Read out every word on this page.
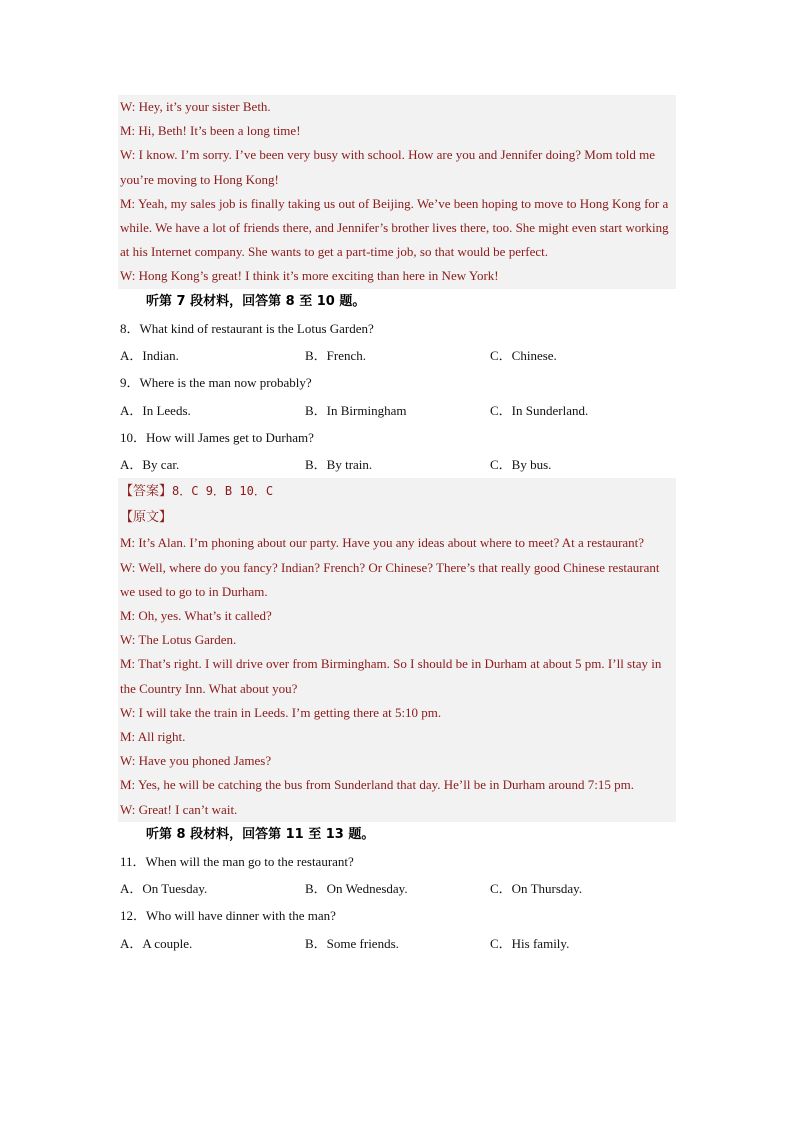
W: Hey, it’s your sister Beth.

M: Hi, Beth! It’s been a long time!

W: I know. I’m sorry. I’ve been very busy with school. How are you and Jennifer doing? Mom told me you’re moving to Hong Kong!

M: Yeah, my sales job is finally taking us out of Beijing. We’ve been hoping to move to Hong Kong for a while. We have a lot of friends there, and Jennifer’s brother lives there, too. She might even start working at his Internet company. She wants to get a part-time job, so that would be perfect.

W: Hong Kong’s great! I think it’s more exciting than here in New York!

听第 7 段材料，回答第 8 至 10 题。
8．What kind of restaurant is the Lotus Garden?
A．Indian.	B．French.	C．Chinese.
9．Where is the man now probably?
A．In Leeds.	B．In Birmingham	C．In Sunderland.
10．How will James get to Durham?
A．By car.	B．By train.	C．By bus.
【答案】8．C 9．B 10．C
【原文】

M: It’s Alan. I’m phoning about our party. Have you any ideas about where to meet? At a restaurant?

W: Well, where do you fancy? Indian? French? Or Chinese? There’s that really good Chinese restaurant we used to go to in Durham.

M: Oh, yes. What’s it called?

W: The Lotus Garden.

M: That’s right. I will drive over from Birmingham. So I should be in Durham at about 5 pm. I’ll stay in the Country Inn. What about you?

W: I will take the train in Leeds. I’m getting there at 5:10 pm.

M: All right.

W: Have you phoned James?

M: Yes, he will be catching the bus from Sunderland that day. He’ll be in Durham around 7:15 pm.

W: Great! I can’t wait.

听第 8 段材料，回答第 11 至 13 题。
11．When will the man go to the restaurant?
A．On Tuesday.	B．On Wednesday.	C．On Thursday.
12．Who will have dinner with the man?
A．A couple.	B．Some friends.	C．His family.
